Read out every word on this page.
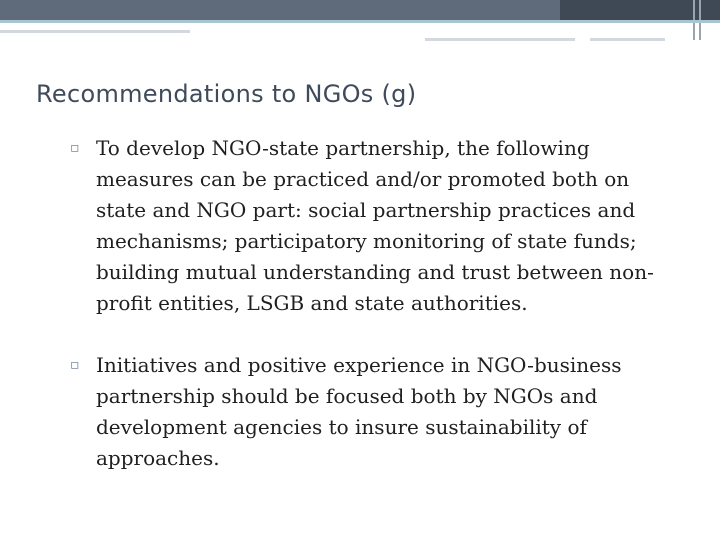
Recommendations to NGOs (g)
▫ To develop NGO-state partnership, the following measures can be practiced and/or promoted both on state and NGO part: social partnership practices and mechanisms; participatory monitoring of state funds; building mutual understanding and trust between non-profit entities, LSGB and state authorities.
▫ Initiatives and positive experience in NGO-business partnership should be focused both by NGOs and development agencies to insure sustainability of approaches.
